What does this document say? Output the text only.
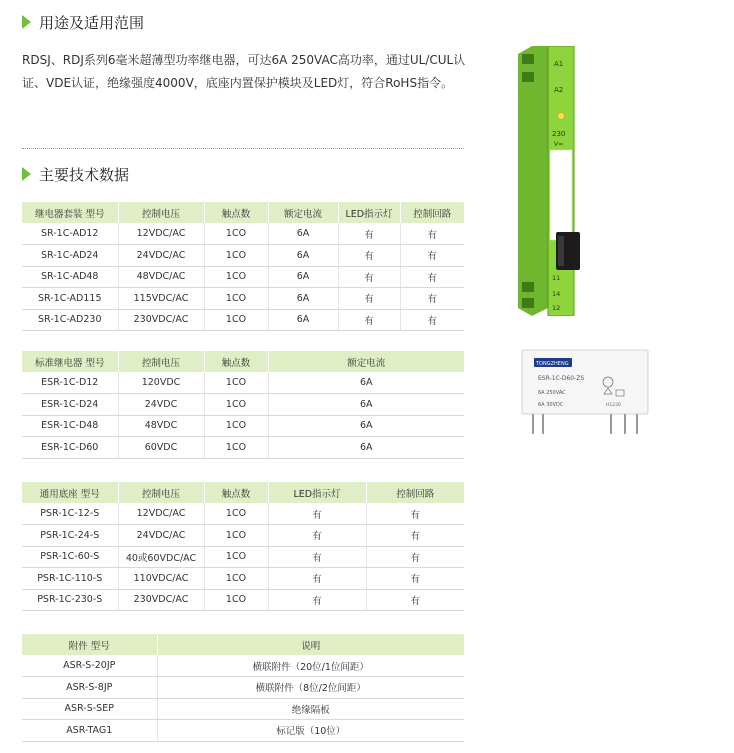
用途及适用范围

RDSJ、RDJ系列6毫米超薄型功率继电器，可达6A 250VAC高功率，通过UL/CUL认证、VDE认证，绝缘强度4000V，底座内置保护模块及LED灯，符合RoHS指令。

主要技术数据
继电器套装 型号	控制电压	触点数	额定电流	LED指示灯	控制回路
SR-1C-AD12	12VDC/AC	1CO	6A	有	有
SR-1C-AD24	24VDC/AC	1CO	6A	有	有
SR-1C-AD48	48VDC/AC	1CO	6A	有	有
SR-1C-AD115	115VDC/AC	1CO	6A	有	有
SR-1C-AD230	230VDC/AC	1CO	6A	有	有
标准继电器 型号	控制电压	触点数	额定电流
ESR-1C-D12	120VDC	1CO	6A
ESR-1C-D24	24VDC	1CO	6A
ESR-1C-D48	48VDC	1CO	6A
ESR-1C-D60	60VDC	1CO	6A
通用底座 型号	控制电压	触点数	LED指示灯	控制回路
PSR-1C-12-S	12VDC/AC	1CO	有	有
PSR-1C-24-S	24VDC/AC	1CO	有	有
PSR-1C-60-S	40或60VDC/AC	1CO	有	有
PSR-1C-110-S	110VDC/AC	1CO	有	有
PSR-1C-230-S	230VDC/AC	1CO	有	有
附件 型号	说明
ASR-S-20JP	横联附件（20位/1位间距）
ASR-S-8JP	横联附件（8位/2位间距）
ASR-S-SEP	绝缘隔板
ASR-TAG1	标记版（10位）
A1
A2
230
V=
11
14
12
TONGZHENG
ESR-1C-D60-ZS
6A 250VAC
6A 30VDC	H1230
